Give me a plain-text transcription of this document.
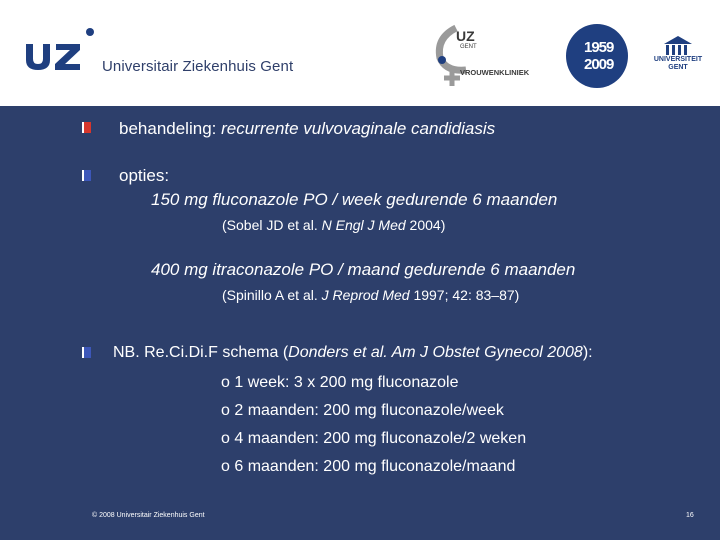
Universitair Ziekenhuis Gent
UZ
GENT
VROUWENKLINIEK
1959
2009	UNIVERSITEIT
GENT
behandeling: recurrente vulvovaginale candidiasis
opties:
150 mg fluconazole PO / week gedurende 6 maanden
(Sobel JD et al. N Engl J Med 2004)
400 mg itraconazole PO / maand gedurende 6 maanden
(Spinillo A et al. J Reprod Med 1997; 42: 83–87)
NB. Re.Ci.Di.F schema (Donders et al. Am J Obstet Gynecol 2008):
o 1 week: 3 x 200 mg fluconazole
o 2 maanden: 200 mg fluconazole/week
o 4 maanden: 200 mg fluconazole/2 weken
o 6 maanden: 200 mg fluconazole/maand
© 2008 Universitair Ziekenhuis Gent	16
